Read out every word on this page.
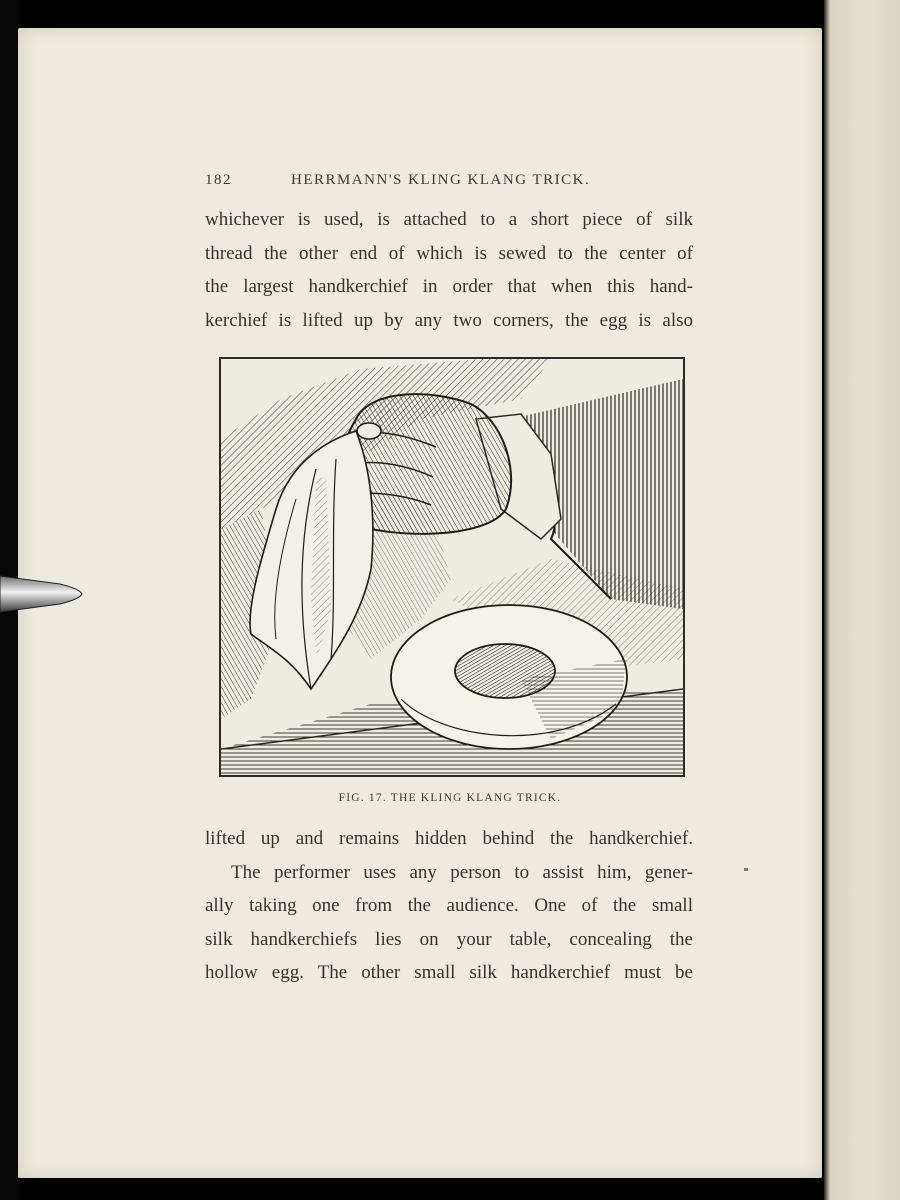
182	HERRMANN'S KLING KLANG TRICK.
whichever is used, is attached to a short piece of silk
thread the other end of which is sewed to the center of
the largest handkerchief in order that when this hand-
kerchief is lifted up by any two corners, the egg is also
FIG. 17. THE KLING KLANG TRICK.
lifted up and remains hidden behind the handkerchief.
The performer uses any person to assist him, gener-
ally taking one from the audience. One of the small
silk handkerchiefs lies on your table, concealing the
hollow egg. The other small silk handkerchief must be
